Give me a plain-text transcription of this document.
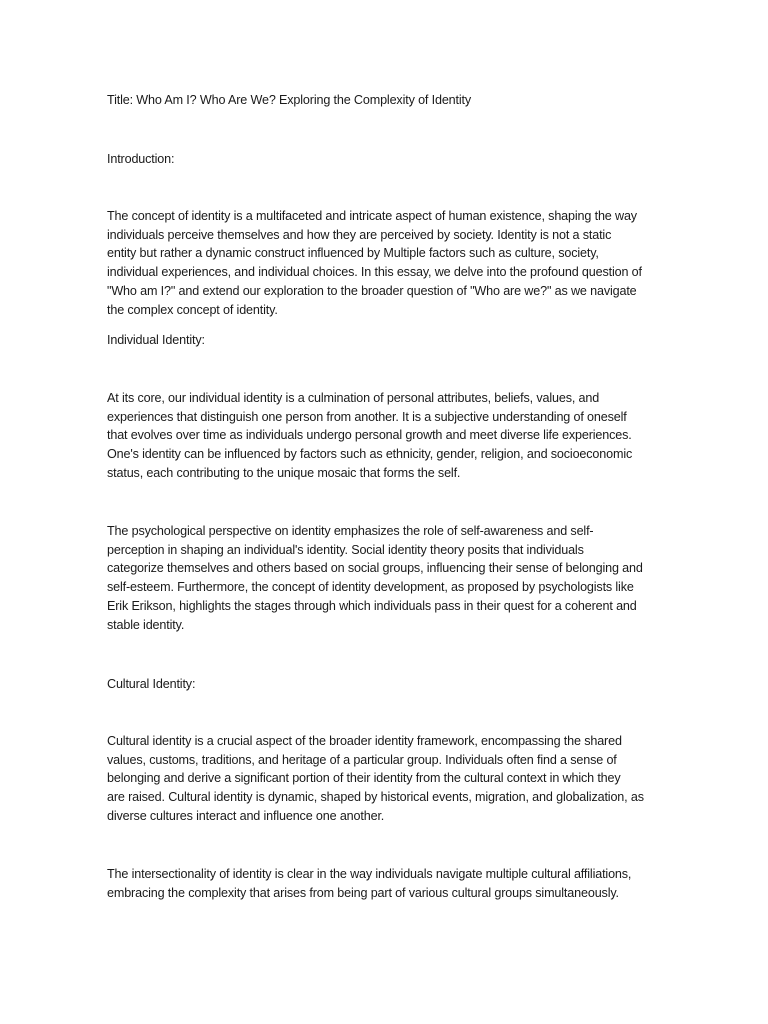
Title: Who Am I? Who Are We? Exploring the Complexity of Identity
Introduction:
The concept of identity is a multifaceted and intricate aspect of human existence, shaping the way
individuals perceive themselves and how they are perceived by society. Identity is not a static
entity but rather a dynamic construct influenced by Multiple factors such as culture, society,
individual experiences, and individual choices. In this essay, we delve into the profound question of
"Who am I?" and extend our exploration to the broader question of "Who are we?" as we navigate
the complex concept of identity.
Individual Identity:
At its core, our individual identity is a culmination of personal attributes, beliefs, values, and
experiences that distinguish one person from another. It is a subjective understanding of oneself
that evolves over time as individuals undergo personal growth and meet diverse life experiences.
One's identity can be influenced by factors such as ethnicity, gender, religion, and socioeconomic
status, each contributing to the unique mosaic that forms the self.
The psychological perspective on identity emphasizes the role of self-awareness and self-
perception in shaping an individual's identity. Social identity theory posits that individuals
categorize themselves and others based on social groups, influencing their sense of belonging and
self-esteem. Furthermore, the concept of identity development, as proposed by psychologists like
Erik Erikson, highlights the stages through which individuals pass in their quest for a coherent and
stable identity.
Cultural Identity:
Cultural identity is a crucial aspect of the broader identity framework, encompassing the shared
values, customs, traditions, and heritage of a particular group. Individuals often find a sense of
belonging and derive a significant portion of their identity from the cultural context in which they
are raised. Cultural identity is dynamic, shaped by historical events, migration, and globalization, as
diverse cultures interact and influence one another.
The intersectionality of identity is clear in the way individuals navigate multiple cultural affiliations,
embracing the complexity that arises from being part of various cultural groups simultaneously.
